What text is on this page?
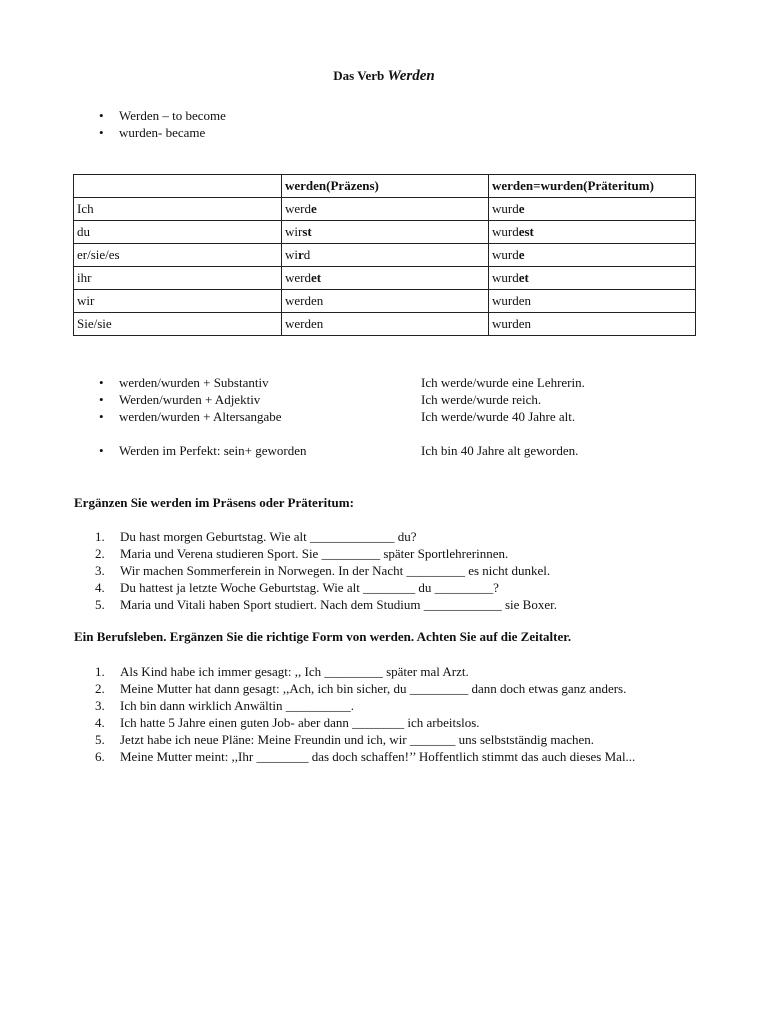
Das Verb Werden
• Werden – to become
• wurden- became
	werden(Präzens)	werden=wurden(Präteritum)
Ich	werde	wurde
du	wirst	wurdest
er/sie/es	wird	wurde
ihr	werdet	wurdet
wir	werden	wurden
Sie/sie	werden	wurden
• werden/wurden + Substantiv	Ich werde/wurde eine Lehrerin.
• Werden/wurden + Adjektiv	Ich werde/wurde reich.
• werden/wurden + Altersangabe	Ich werde/wurde 40 Jahre alt.
• Werden im Perfekt: sein+ geworden	Ich bin 40 Jahre alt geworden.
Ergänzen Sie werden im Präsens oder Präteritum:
1. Du hast morgen Geburtstag. Wie alt _____________ du?
2. Maria und Verena studieren Sport. Sie _________ später Sportlehrerinnen.
3. Wir machen Sommerferein in Norwegen. In der Nacht _________ es nicht dunkel.
4. Du hattest ja letzte Woche Geburtstag. Wie alt ________ du _________?
5. Maria und Vitali haben Sport studiert. Nach dem Studium ____________ sie Boxer.
Ein Berufsleben. Ergänzen Sie die richtige Form von werden. Achten Sie auf die Zeitalter.
1. Als Kind habe ich immer gesagt: ,, Ich _________ später mal Arzt.
2. Meine Mutter hat dann gesagt: ,,Ach, ich bin sicher, du _________ dann doch etwas ganz anders.
3. Ich bin dann wirklich Anwältin __________.
4. Ich hatte 5 Jahre einen guten Job- aber dann ________ ich arbeitslos.
5. Jetzt habe ich neue Pläne: Meine Freundin und ich, wir _______ uns selbstständig machen.
6. Meine Mutter meint: ,,Ihr ________ das doch schaffen!’’ Hoffentlich stimmt das auch dieses Mal...
